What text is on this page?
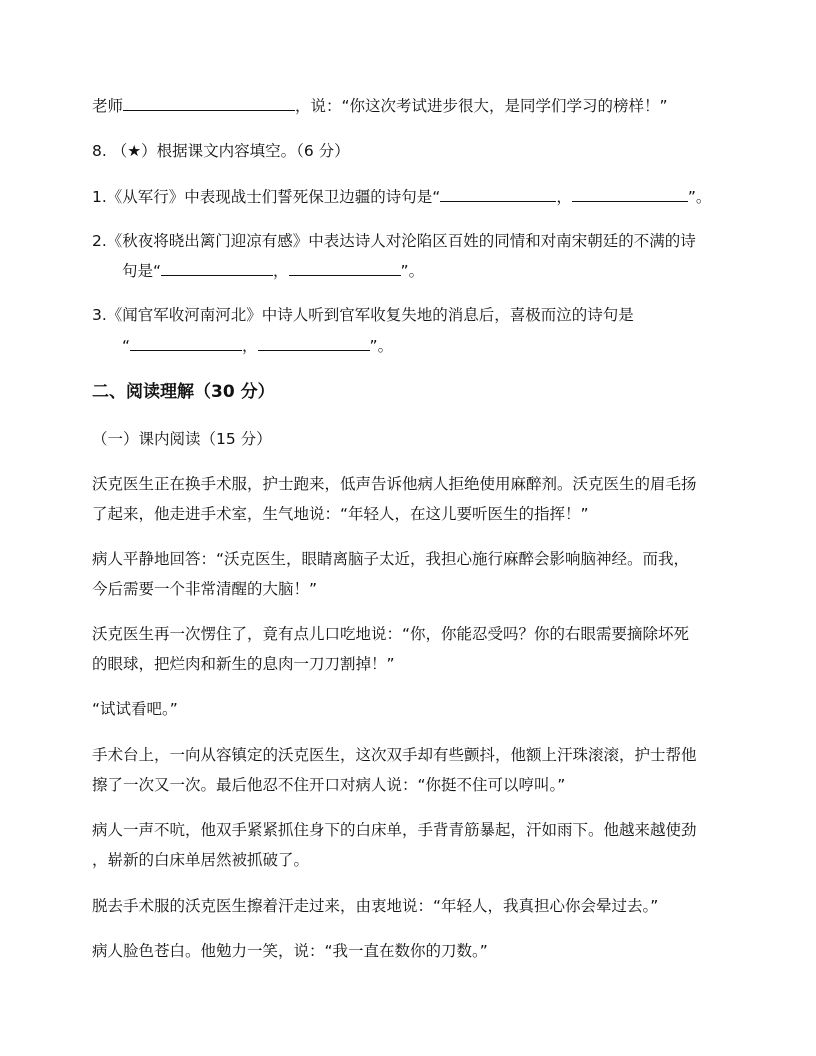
老师	，说：“你这次考试进步很大，是同学们学习的榜样！”
8. （★）根据课文内容填空。（6 分）
1.《从军行》中表现战士们誓死保卫边疆的诗句是“	，	”。
2.《秋夜将晓出篱门迎凉有感》中表达诗人对沦陷区百姓的同情和对南宋朝廷的不满的诗
句是“	，	”。
3.《闻官军收河南河北》中诗人听到官军收复失地的消息后，喜极而泣的诗句是
“	，	”。
二、阅读理解（30 分）
（一）课内阅读（15 分）
沃克医生正在换手术服，护士跑来，低声告诉他病人拒绝使用麻醉剂。沃克医生的眉毛扬
了起来，他走进手术室，生气地说：“年轻人，在这儿要听医生的指挥！”
病人平静地回答：“沃克医生，眼睛离脑子太近，我担心施行麻醉会影响脑神经。而我，
今后需要一个非常清醒的大脑！”
沃克医生再一次愣住了，竟有点儿口吃地说：“你，你能忍受吗？你的右眼需要摘除坏死
的眼球，把烂肉和新生的息肉一刀刀割掉！”
“试试看吧。”
手术台上，一向从容镇定的沃克医生，这次双手却有些颤抖，他额上汗珠滚滚，护士帮他
擦了一次又一次。最后他忍不住开口对病人说：“你挺不住可以哼叫。”
病人一声不吭，他双手紧紧抓住身下的白床单，手背青筋暴起，汗如雨下。他越来越使劲
，崭新的白床单居然被抓破了。
脱去手术服的沃克医生擦着汗走过来，由衷地说：“年轻人，我真担心你会晕过去。”
病人脸色苍白。他勉力一笑，说：“我一直在数你的刀数。”
